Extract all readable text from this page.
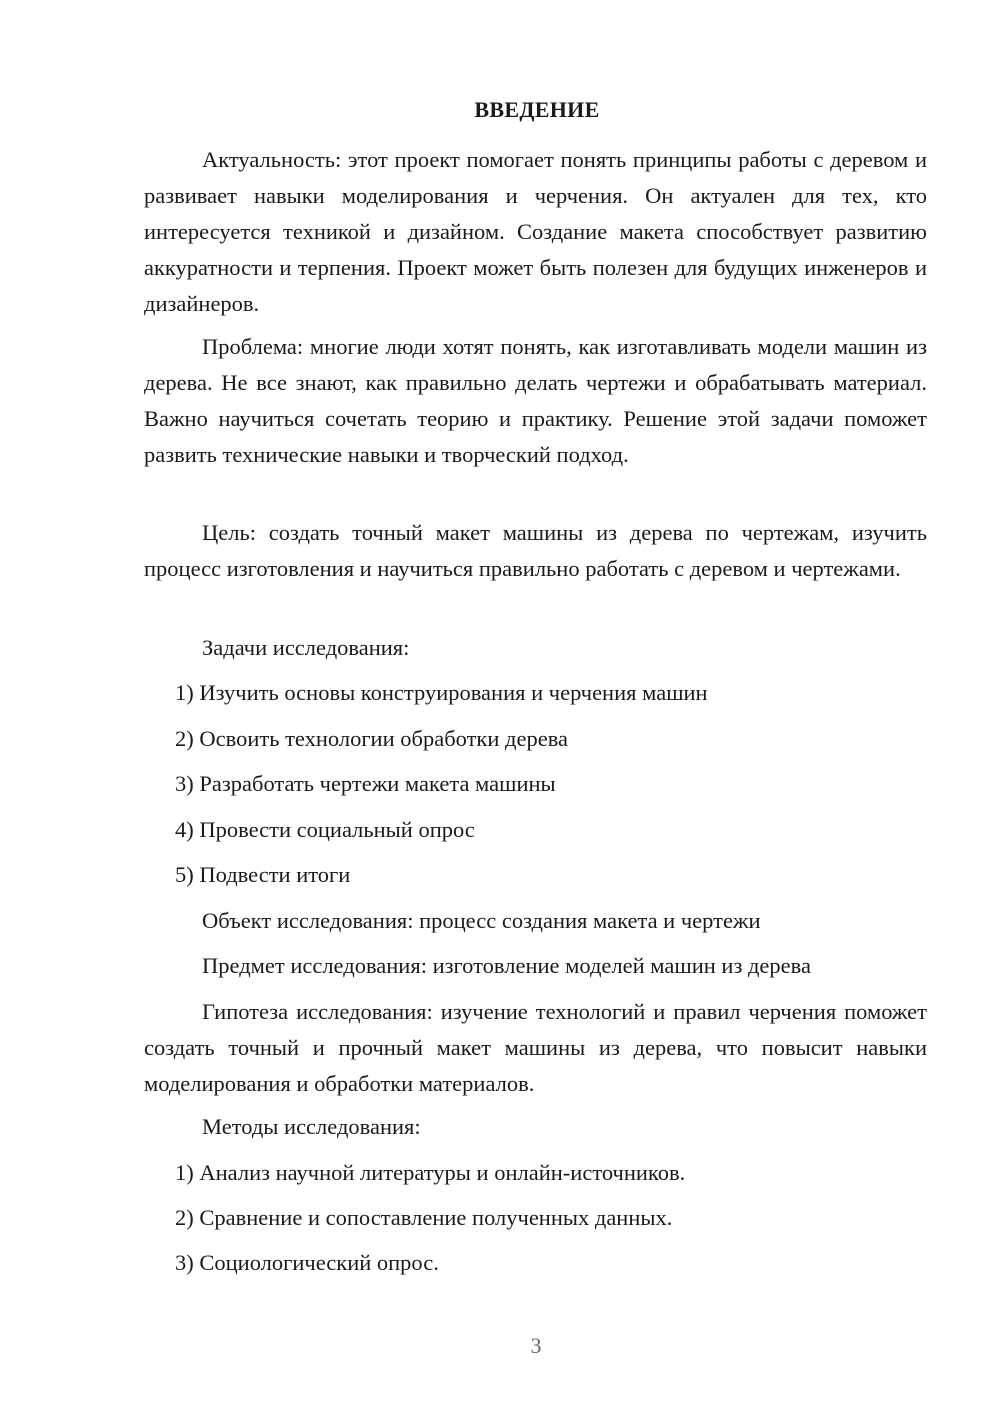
ВВЕДЕНИЕ

Актуальность: этот проект помогает понять принципы работы с деревом и развивает навыки моделирования и черчения. Он актуален для тех, кто интересуется техникой и дизайном. Создание макета способствует развитию аккуратности и терпения. Проект может быть полезен для будущих инженеров и дизайнеров.

Проблема: многие люди хотят понять, как изготавливать модели машин из дерева. Не все знают, как правильно делать чертежи и обрабатывать материал. Важно научиться сочетать теорию и практику. Решение этой задачи поможет развить технические навыки и творческий подход.

Цель: создать точный макет машины из дерева по чертежам, изучить процесс изготовления и научиться правильно работать с деревом и чертежами.

Задачи исследования:

1) Изучить основы конструирования и черчения машин

2) Освоить технологии обработки дерева

3) Разработать чертежи макета машины

4) Провести социальный опрос

5) Подвести итоги

Объект исследования: процесс создания макета и чертежи

Предмет исследования: изготовление моделей машин из дерева

Гипотеза исследования: изучение технологий и правил черчения поможет создать точный и прочный макет машины из дерева, что повысит навыки моделирования и обработки материалов.

Методы исследования:

1) Анализ научной литературы и онлайн-источников.

2) Сравнение и сопоставление полученных данных.

3) Социологический опрос.

3
